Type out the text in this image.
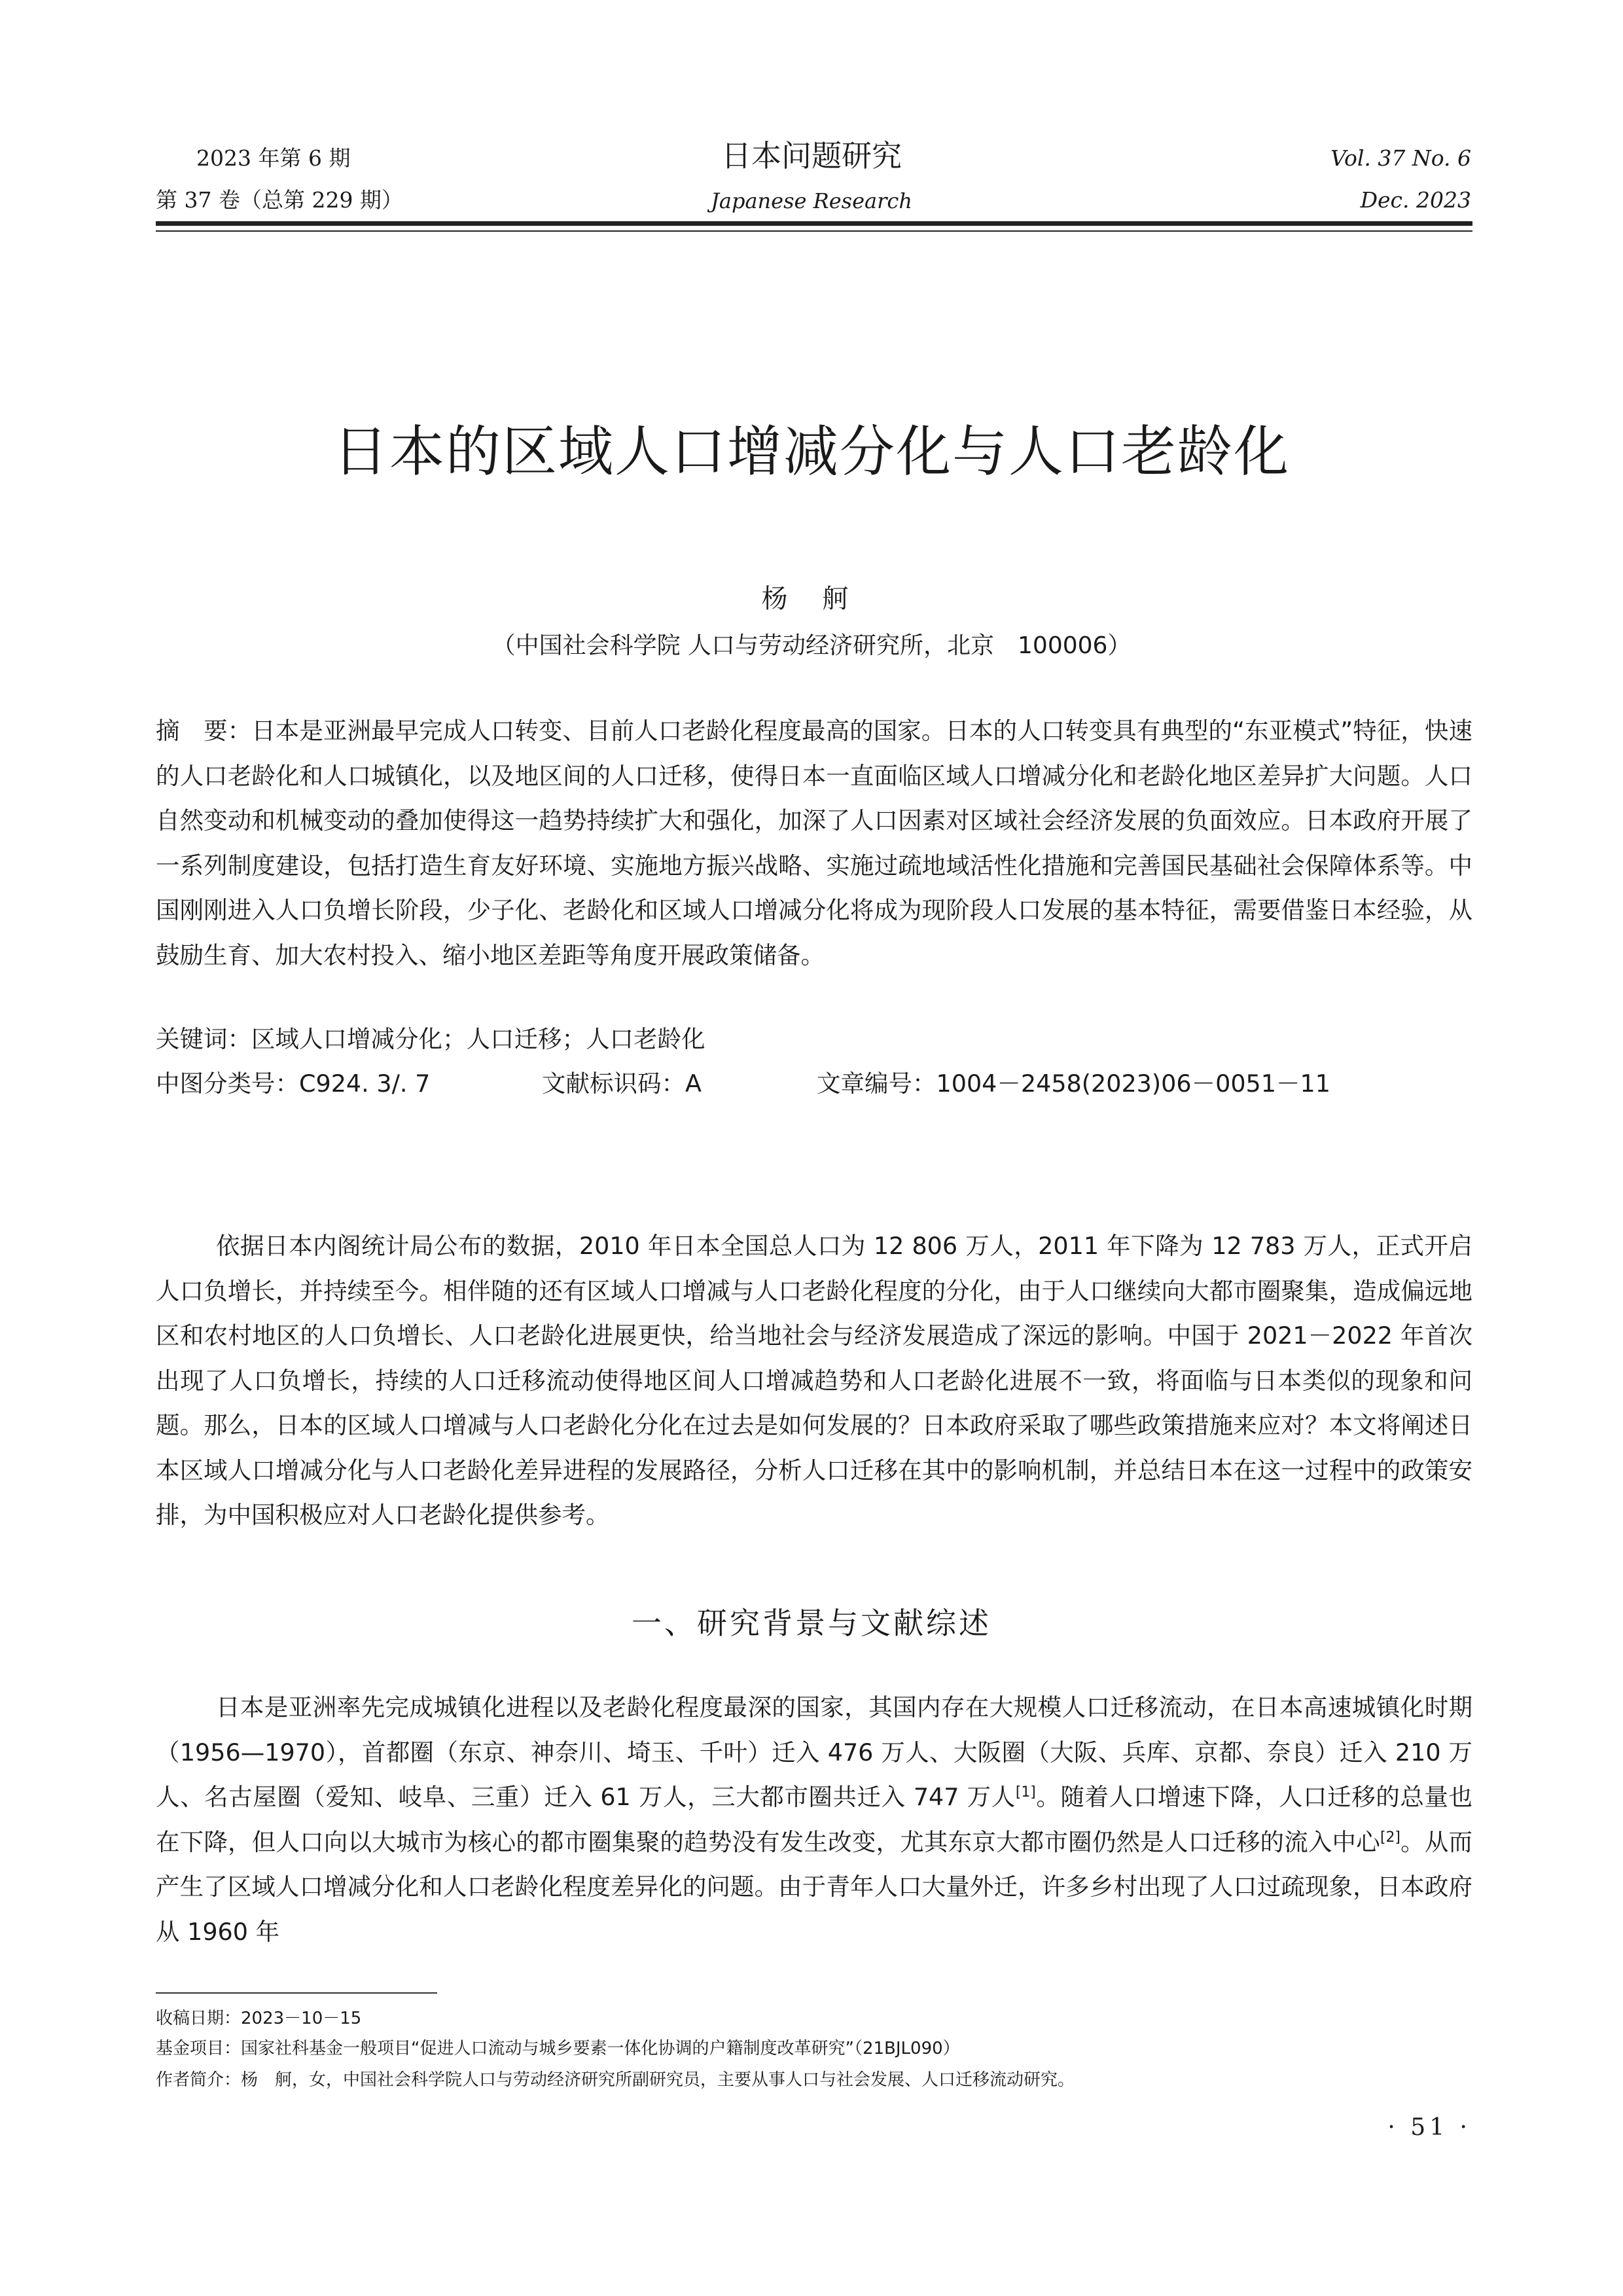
2023 年第 6 期
第 37 卷（总第 229 期）
日本问题研究
Japanese Research
Vol. 37 No. 6
Dec. 2023
日本的区域人口增减分化与人口老龄化
杨 舸
（中国社会科学院 人口与劳动经济研究所，北京　100006）
摘　要：日本是亚洲最早完成人口转变、目前人口老龄化程度最高的国家。日本的人口转变具有典型的“东亚模式”特征，快速的人口老龄化和人口城镇化，以及地区间的人口迁移，使得日本一直面临区域人口增减分化和老龄化地区差异扩大问题。人口自然变动和机械变动的叠加使得这一趋势持续扩大和强化，加深了人口因素对区域社会经济发展的负面效应。日本政府开展了一系列制度建设，包括打造生育友好环境、实施地方振兴战略、实施过疏地域活性化措施和完善国民基础社会保障体系等。中国刚刚进入人口负增长阶段，少子化、老龄化和区域人口增减分化将成为现阶段人口发展的基本特征，需要借鉴日本经验，从鼓励生育、加大农村投入、缩小地区差距等角度开展政策储备。
关键词：区域人口增减分化；人口迁移；人口老龄化
中图分类号：C924. 3/. 7	文献标识码：A	文章编号：1004－2458(2023)06－0051－11
依据日本内阁统计局公布的数据，2010 年日本全国总人口为 12 806 万人，2011 年下降为 12 783 万人，正式开启人口负增长，并持续至今。相伴随的还有区域人口增减与人口老龄化程度的分化，由于人口继续向大都市圈聚集，造成偏远地区和农村地区的人口负增长、人口老龄化进展更快，给当地社会与经济发展造成了深远的影响。中国于 2021－2022 年首次出现了人口负增长，持续的人口迁移流动使得地区间人口增减趋势和人口老龄化进展不一致，将面临与日本类似的现象和问题。那么，日本的区域人口增减与人口老龄化分化在过去是如何发展的？日本政府采取了哪些政策措施来应对？本文将阐述日本区域人口增减分化与人口老龄化差异进程的发展路径，分析人口迁移在其中的影响机制，并总结日本在这一过程中的政策安排，为中国积极应对人口老龄化提供参考。
一、研究背景与文献综述
日本是亚洲率先完成城镇化进程以及老龄化程度最深的国家，其国内存在大规模人口迁移流动，在日本高速城镇化时期（1956—1970），首都圈（东京、神奈川、埼玉、千叶）迁入 476 万人、大阪圈（大阪、兵库、京都、奈良）迁入 210 万人、名古屋圈（爱知、岐阜、三重）迁入 61 万人，三大都市圈共迁入 747 万人[1]。随着人口增速下降，人口迁移的总量也在下降，但人口向以大城市为核心的都市圈集聚的趋势没有发生改变，尤其东京大都市圈仍然是人口迁移的流入中心[2]。从而产生了区域人口增减分化和人口老龄化程度差异化的问题。由于青年人口大量外迁，许多乡村出现了人口过疏现象，日本政府从 1960 年
收稿日期：2023－10－15
基金项目：国家社科基金一般项目“促进人口流动与城乡要素一体化协调的户籍制度改革研究”（21BJL090）
作者简介：杨　舸，女，中国社会科学院人口与劳动经济研究所副研究员，主要从事人口与社会发展、人口迁移流动研究。
· 51 ·
